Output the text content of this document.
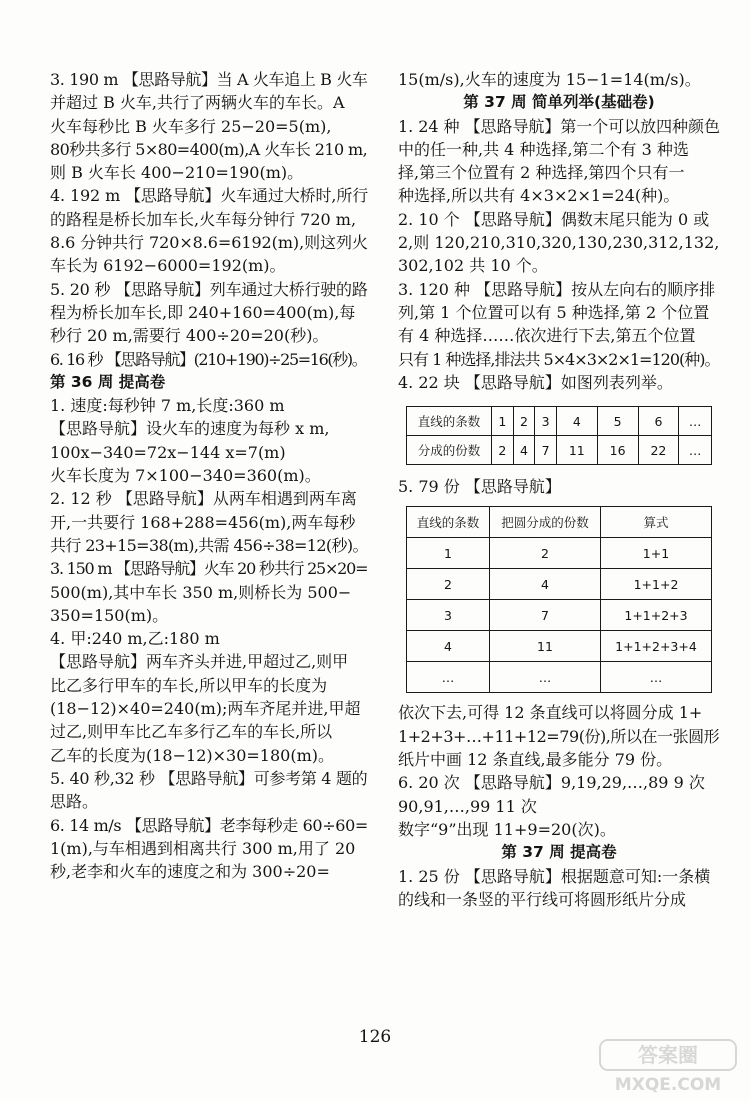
3. 190 m 【思路导航】当 A 火车追上 B 火车
并超过 B 火车,共行了两辆火车的车长。A
火车每秒比 B 火车多行 25−20=5(m),
80秒共多行 5×80=400(m),A 火车长 210 m,
则 B 火车长 400−210=190(m)。
4. 192 m 【思路导航】火车通过大桥时,所行
的路程是桥长加车长,火车每分钟行 720 m,
8.6 分钟共行 720×8.6=6192(m),则这列火
车长为 6192−6000=192(m)。
5. 20 秒 【思路导航】列车通过大桥行驶的路
程为桥长加车长,即 240+160=400(m),每
秒行 20 m,需要行 400÷20=20(秒)。
6. 16 秒 【思路导航】(210+190)÷25=16(秒)。
第 36 周 提高卷
1. 速度:每秒钟 7 m,长度:360 m
【思路导航】设火车的速度为每秒 x m,
100x−340=72x−144 x=7(m)
火车长度为 7×100−340=360(m)。
2. 12 秒 【思路导航】从两车相遇到两车离
开,一共要行 168+288=456(m),两车每秒
共行 23+15=38(m),共需 456÷38=12(秒)。
3. 150 m 【思路导航】火车 20 秒共行 25×20=
500(m),其中车长 350 m,则桥长为 500−
350=150(m)。
4. 甲:240 m,乙:180 m
【思路导航】两车齐头并进,甲超过乙,则甲
比乙多行甲车的车长,所以甲车的长度为
(18−12)×40=240(m);两车齐尾并进,甲超
过乙,则甲车比乙车多行乙车的车长,所以
乙车的长度为(18−12)×30=180(m)。
5. 40 秒,32 秒 【思路导航】可参考第 4 题的
思路。
6. 14 m/s 【思路导航】老李每秒走 60÷60=
1(m),与车相遇到相离共行 300 m,用了 20
秒,老李和火车的速度之和为 300÷20=
15(m/s),火车的速度为 15−1=14(m/s)。
第 37 周 简单列举(基础卷)
1. 24 种 【思路导航】第一个可以放四种颜色
中的任一种,共 4 种选择,第二个有 3 种选
择,第三个位置有 2 种选择,第四个只有一
种选择,所以共有 4×3×2×1=24(种)。
2. 10 个 【思路导航】偶数末尾只能为 0 或
2,则 120,210,310,320,130,230,312,132,
302,102 共 10 个。
3. 120 种 【思路导航】按从左向右的顺序排
列,第 1 个位置可以有 5 种选择,第 2 个位置
有 4 种选择……依次进行下去,第五个位置
只有 1 种选择,排法共 5×4×3×2×1=120(种)。
4. 22 块 【思路导航】如图列表列举。
直线的条数	1	2	3	4	5	6	…
分成的份数	2	4	7	11	16	22	…
5. 79 份 【思路导航】
直线的条数	把圆分成的份数	算式
1	2	1+1
2	4	1+1+2
3	7	1+1+2+3
4	11	1+1+2+3+4
…	…	…
依次下去,可得 12 条直线可以将圆分成 1+
1+2+3+…+11+12=79(份),所以在一张圆形
纸片中画 12 条直线,最多能分 79 份。
6. 20 次 【思路导航】9,19,29,…,89 9 次
90,91,…,99 11 次
数字“9”出现 11+9=20(次)。
第 37 周 提高卷
1. 25 份 【思路导航】根据题意可知:一条横
的线和一条竖的平行线可将圆形纸片分成
126
答案圈
MXQE.COM
